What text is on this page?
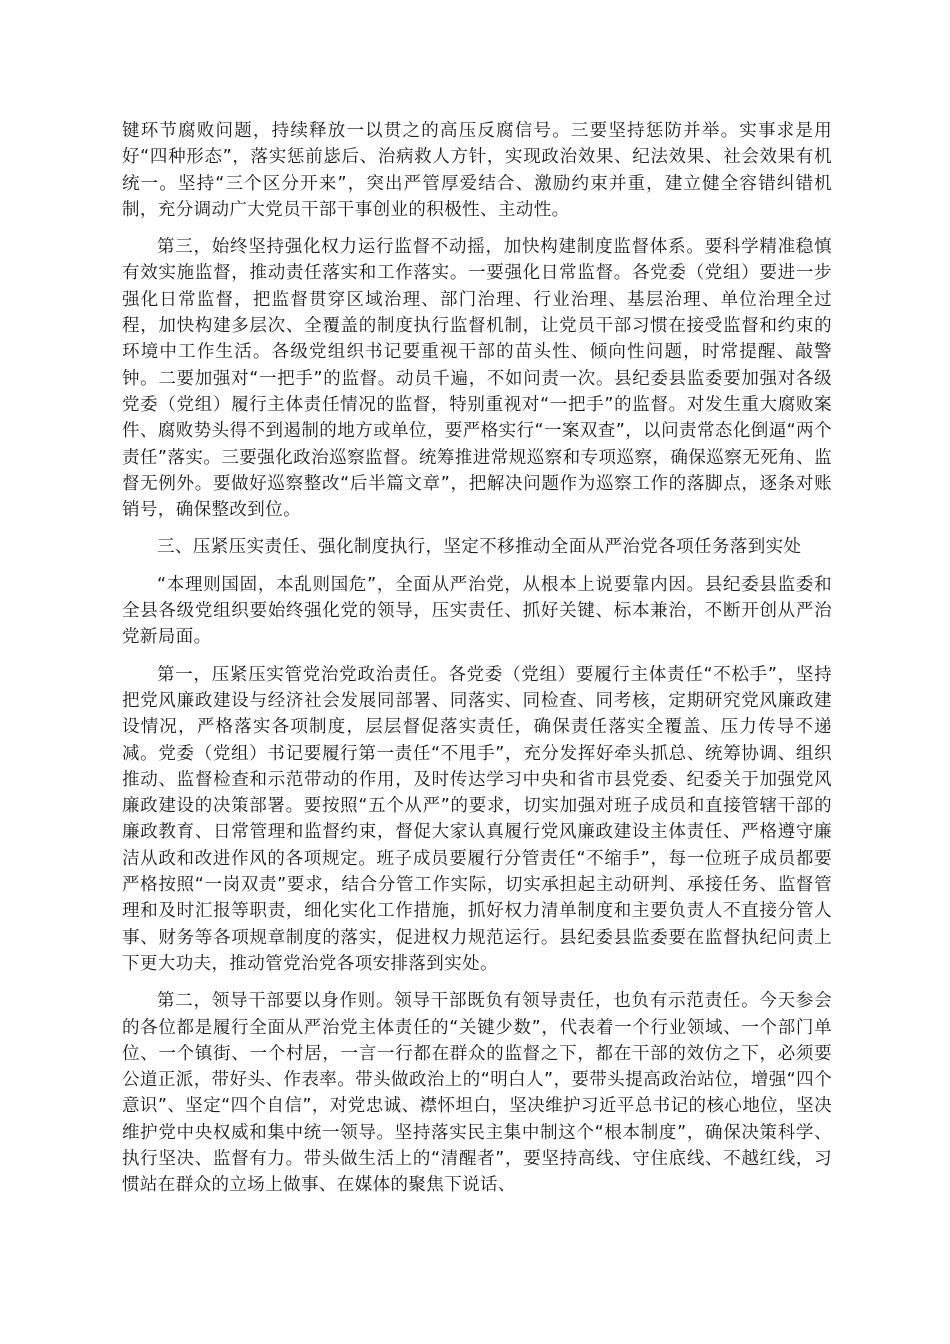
键环节腐败问题，持续释放一以贯之的高压反腐信号。三要坚持惩防并举。实事求是用好“四种形态”，落实惩前毖后、治病救人方针，实现政治效果、纪法效果、社会效果有机统一。坚持“三个区分开来”，突出严管厚爱结合、激励约束并重，建立健全容错纠错机制，充分调动广大党员干部干事创业的积极性、主动性。

第三，始终坚持强化权力运行监督不动摇，加快构建制度监督体系。要科学精准稳慎有效实施监督，推动责任落实和工作落实。一要强化日常监督。各党委（党组）要进一步强化日常监督，把监督贯穿区域治理、部门治理、行业治理、基层治理、单位治理全过程，加快构建多层次、全覆盖的制度执行监督机制，让党员干部习惯在接受监督和约束的环境中工作生活。各级党组织书记要重视干部的苗头性、倾向性问题，时常提醒、敲警钟。二要加强对“一把手”的监督。动员千遍，不如问责一次。县纪委县监委要加强对各级党委（党组）履行主体责任情况的监督，特别重视对“一把手”的监督。对发生重大腐败案件、腐败势头得不到遏制的地方或单位，要严格实行“一案双查”，以问责常态化倒逼“两个责任”落实。三要强化政治巡察监督。统筹推进常规巡察和专项巡察，确保巡察无死角、监督无例外。要做好巡察整改“后半篇文章”，把解决问题作为巡察工作的落脚点，逐条对账销号，确保整改到位。

三、压紧压实责任、强化制度执行，坚定不移推动全面从严治党各项任务落到实处

“本理则国固，本乱则国危”，全面从严治党，从根本上说要靠内因。县纪委县监委和全县各级党组织要始终强化党的领导，压实责任、抓好关键、标本兼治，不断开创从严治党新局面。

第一，压紧压实管党治党政治责任。各党委（党组）要履行主体责任“不松手”，坚持把党风廉政建设与经济社会发展同部署、同落实、同检查、同考核，定期研究党风廉政建设情况，严格落实各项制度，层层督促落实责任，确保责任落实全覆盖、压力传导不递减。党委（党组）书记要履行第一责任“不甩手”，充分发挥好牵头抓总、统筹协调、组织推动、监督检查和示范带动的作用，及时传达学习中央和省市县党委、纪委关于加强党风廉政建设的决策部署。要按照“五个从严”的要求，切实加强对班子成员和直接管辖干部的廉政教育、日常管理和监督约束，督促大家认真履行党风廉政建设主体责任、严格遵守廉洁从政和改进作风的各项规定。班子成员要履行分管责任“不缩手”，每一位班子成员都要严格按照“一岗双责”要求，结合分管工作实际，切实承担起主动研判、承接任务、监督管理和及时汇报等职责，细化实化工作措施，抓好权力清单制度和主要负责人不直接分管人事、财务等各项规章制度的落实，促进权力规范运行。县纪委县监委要在监督执纪问责上下更大功夫，推动管党治党各项安排落到实处。

第二，领导干部要以身作则。领导干部既负有领导责任，也负有示范责任。今天参会的各位都是履行全面从严治党主体责任的“关键少数”，代表着一个行业领域、一个部门单位、一个镇街、一个村居，一言一行都在群众的监督之下，都在干部的效仿之下，必须要公道正派，带好头、作表率。带头做政治上的“明白人”，要带头提高政治站位，增强“四个意识”、坚定“四个自信”，对党忠诚、襟怀坦白，坚决维护习近平总书记的核心地位，坚决维护党中央权威和集中统一领导。坚持落实民主集中制这个“根本制度”，确保决策科学、执行坚决、监督有力。带头做生活上的“清醒者”，要坚持高线、守住底线、不越红线，习惯站在群众的立场上做事、在媒体的聚焦下说话、
